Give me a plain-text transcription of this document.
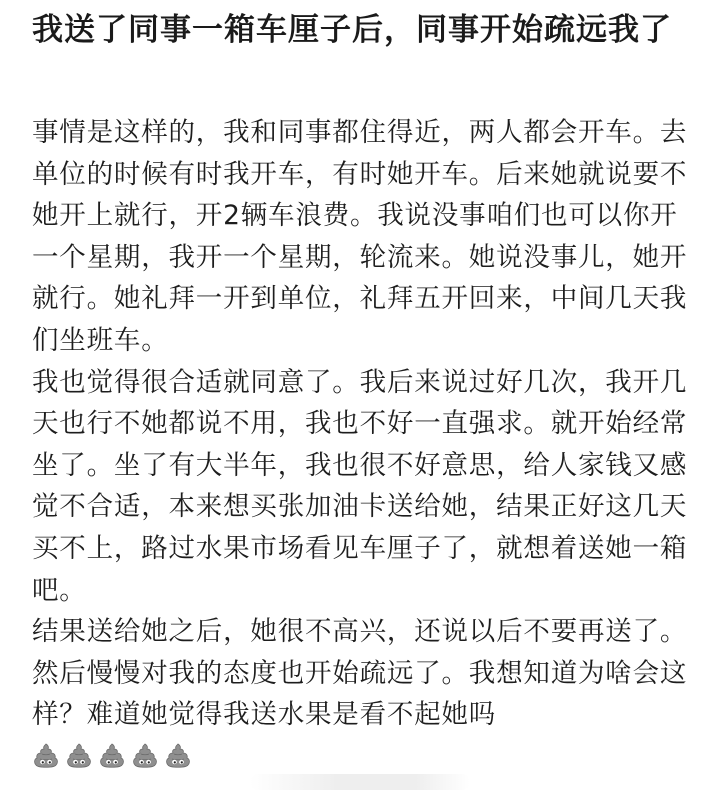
我送了同事一箱车厘子后，同事开始疏远我了

事情是这样的，我和同事都住得近，两人都会开车。去单位的时候有时我开车，有时她开车。后来她就说要不她开上就行，开2辆车浪费。我说没事咱们也可以你开一个星期，我开一个星期，轮流来。她说没事儿，她开就行。她礼拜一开到单位，礼拜五开回来，中间几天我们坐班车。

我也觉得很合适就同意了。我后来说过好几次，我开几天也行不她都说不用，我也不好一直强求。就开始经常坐了。坐了有大半年，我也很不好意思，给人家钱又感觉不合适，本来想买张加油卡送给她，结果正好这几天买不上，路过水果市场看见车厘子了，就想着送她一箱吧。

结果送给她之后，她很不高兴，还说以后不要再送了。然后慢慢对我的态度也开始疏远了。我想知道为啥会这样？难道她觉得我送水果是看不起她吗
